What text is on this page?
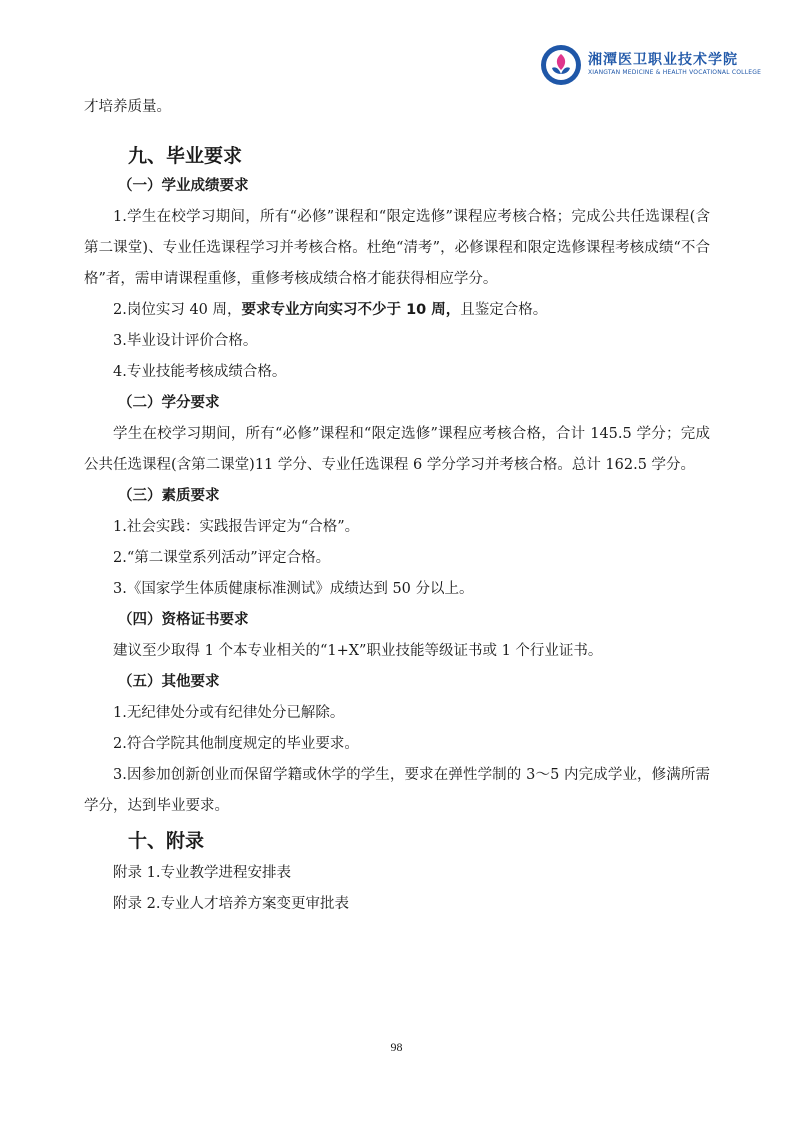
湘潭医卫职业技术学院
XIANGTAN MEDICINE & HEALTH VOCATIONAL COLLEGE

才培养质量。

九、毕业要求
（一）学业成绩要求

1.学生在校学习期间，所有“必修”课程和“限定选修”课程应考核合格；完成公共任选课程(含第二课堂)、专业任选课程学习并考核合格。杜绝“清考”，必修课程和限定选修课程考核成绩“不合格”者，需申请课程重修，重修考核成绩合格才能获得相应学分。

2.岗位实习 40 周，要求专业方向实习不少于 10 周，且鉴定合格。

3.毕业设计评价合格。

4.专业技能考核成绩合格。

（二）学分要求

学生在校学习期间，所有“必修”课程和“限定选修”课程应考核合格，合计 145.5 学分；完成公共任选课程(含第二课堂)11 学分、专业任选课程 6 学分学习并考核合格。总计 162.5 学分。

（三）素质要求

1.社会实践：实践报告评定为“合格”。

2.“第二课堂系列活动”评定合格。

3.《国家学生体质健康标准测试》成绩达到 50 分以上。

（四）资格证书要求

建议至少取得 1 个本专业相关的“1+X”职业技能等级证书或 1 个行业证书。

（五）其他要求

1.无纪律处分或有纪律处分已解除。

2.符合学院其他制度规定的毕业要求。

3.因参加创新创业而保留学籍或休学的学生，要求在弹性学制的 3～5 内完成学业，修满所需学分，达到毕业要求。

十、附录

附录 1.专业教学进程安排表

附录 2.专业人才培养方案变更审批表

98
